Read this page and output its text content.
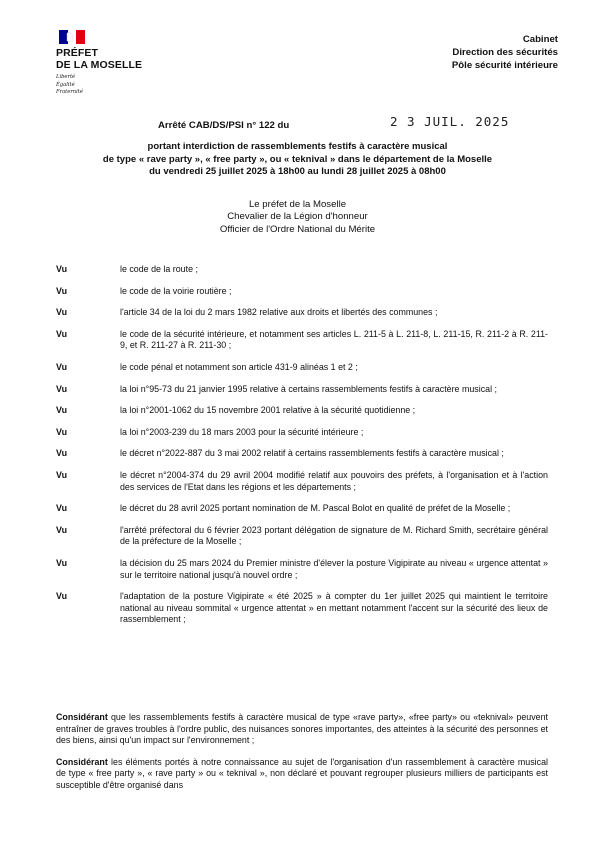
PRÉFET
DE LA MOSELLE
Liberté
Égalité
Fraternité
Cabinet
Direction des sécurités
Pôle sécurité intérieure
Arrêté CAB/DS/PSI n° 122 du	2 3 JUIL. 2025
portant interdiction de rassemblements festifs à caractère musical
de type « rave party », « free party », ou « teknival » dans le département de la Moselle
du vendredi 25 juillet 2025 à 18h00 au lundi 28 juillet 2025 à 08h00
Le préfet de la Moselle
Chevalier de la Légion d'honneur
Officier de l'Ordre National du Mérite
Vu	le code de la route ;
Vu	le code de la voirie routière ;
Vu	l'article 34 de la loi du 2 mars 1982 relative aux droits et libertés des communes ;
Vu	le code de la sécurité intérieure, et notamment ses articles L. 211-5 à L. 211-8, L. 211-15, R. 211-2 à R. 211-9, et R. 211-27 à R. 211-30 ;
Vu	le code pénal et notamment son article 431-9 alinéas 1 et 2 ;
Vu	la loi n°95-73 du 21 janvier 1995 relative à certains rassemblements festifs à caractère musical ;
Vu	la loi n°2001-1062 du 15 novembre 2001 relative à la sécurité quotidienne ;
Vu	la loi n°2003-239 du 18 mars 2003 pour la sécurité intérieure ;
Vu	le décret n°2022-887 du 3 mai 2002 relatif à certains rassemblements festifs à caractère musical ;
Vu	le décret n°2004-374 du 29 avril 2004 modifié relatif aux pouvoirs des préfets, à l'organisation et à l'action des services de l'Etat dans les régions et les départements ;
Vu	le décret du 28 avril 2025 portant nomination de M. Pascal Bolot en qualité de préfet de la Moselle ;
Vu	l'arrêté préfectoral du 6 février 2023 portant délégation de signature de M. Richard Smith, secrétaire général de la préfecture de la Moselle ;
Vu	la décision du 25 mars 2024 du Premier ministre d'élever la posture Vigipirate au niveau « urgence attentat » sur le territoire national jusqu'à nouvel ordre ;
Vu	l'adaptation de la posture Vigipirate « été 2025 » à compter du 1er juillet 2025 qui maintient le territoire national au niveau sommital « urgence attentat » en mettant notamment l'accent sur la sécurité des lieux de rassemblement ;

Considérant que les rassemblements festifs à caractère musical de type «rave party», «free party» ou «teknival» peuvent entraîner de graves troubles à l'ordre public, des nuisances sonores importantes, des atteintes à la sécurité des personnes et des biens, ainsi qu'un impact sur l'environnement ;

Considérant les éléments portés à notre connaissance au sujet de l'organisation d'un rassemblement à caractère musical de type « free party », « rave party » ou « teknival », non déclaré et pouvant regrouper plusieurs milliers de participants est susceptible d'être organisé dans
